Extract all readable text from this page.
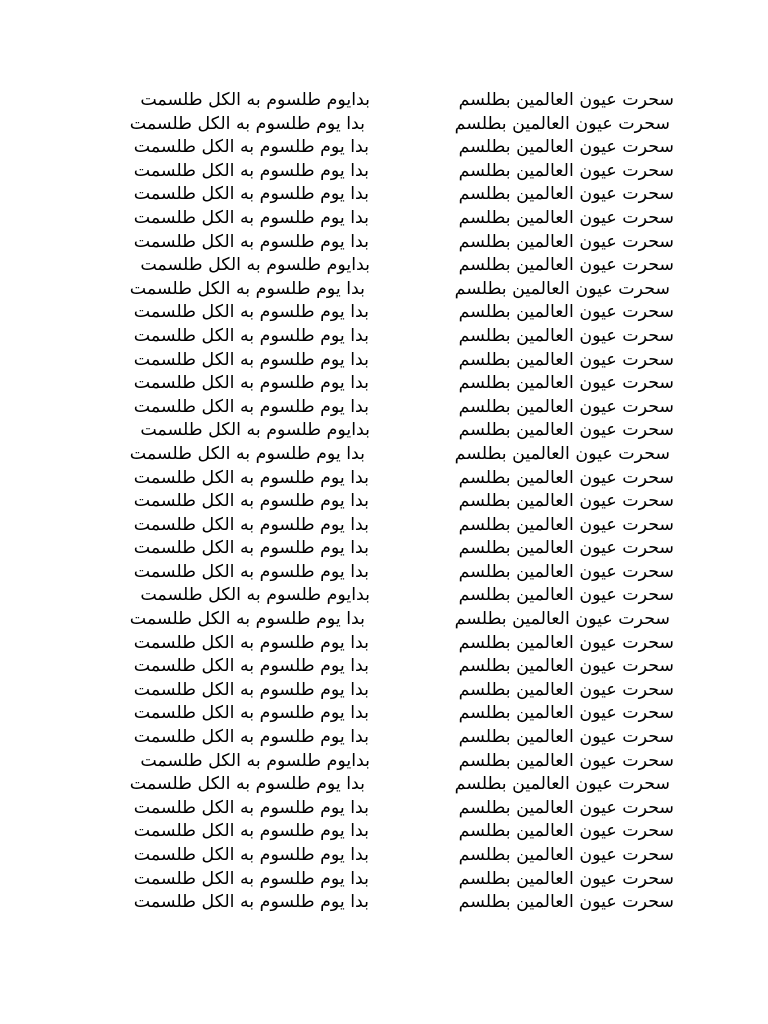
بدايوم طلسوم به الكل طلسمت	سحرت عيون العالمين بطلسم
بدا يوم طلسوم به الكل طلسمت	سحرت عيون العالمين بطلسم
بدا يوم طلسوم به الكل طلسمت	سحرت عيون العالمين بطلسم
بدا يوم طلسوم به الكل طلسمت	سحرت عيون العالمين بطلسم
بدا يوم طلسوم به الكل طلسمت	سحرت عيون العالمين بطلسم
بدا يوم طلسوم به الكل طلسمت	سحرت عيون العالمين بطلسم
بدا يوم طلسوم به الكل طلسمت	سحرت عيون العالمين بطلسم
بدايوم طلسوم به الكل طلسمت	سحرت عيون العالمين بطلسم
بدا يوم طلسوم به الكل طلسمت	سحرت عيون العالمين بطلسم
بدا يوم طلسوم به الكل طلسمت	سحرت عيون العالمين بطلسم
بدا يوم طلسوم به الكل طلسمت	سحرت عيون العالمين بطلسم
بدا يوم طلسوم به الكل طلسمت	سحرت عيون العالمين بطلسم
بدا يوم طلسوم به الكل طلسمت	سحرت عيون العالمين بطلسم
بدا يوم طلسوم به الكل طلسمت	سحرت عيون العالمين بطلسم
بدايوم طلسوم به الكل طلسمت	سحرت عيون العالمين بطلسم
بدا يوم طلسوم به الكل طلسمت	سحرت عيون العالمين بطلسم
بدا يوم طلسوم به الكل طلسمت	سحرت عيون العالمين بطلسم
بدا يوم طلسوم به الكل طلسمت	سحرت عيون العالمين بطلسم
بدا يوم طلسوم به الكل طلسمت	سحرت عيون العالمين بطلسم
بدا يوم طلسوم به الكل طلسمت	سحرت عيون العالمين بطلسم
بدا يوم طلسوم به الكل طلسمت	سحرت عيون العالمين بطلسم
بدايوم طلسوم به الكل طلسمت	سحرت عيون العالمين بطلسم
بدا يوم طلسوم به الكل طلسمت	سحرت عيون العالمين بطلسم
بدا يوم طلسوم به الكل طلسمت	سحرت عيون العالمين بطلسم
بدا يوم طلسوم به الكل طلسمت	سحرت عيون العالمين بطلسم
بدا يوم طلسوم به الكل طلسمت	سحرت عيون العالمين بطلسم
بدا يوم طلسوم به الكل طلسمت	سحرت عيون العالمين بطلسم
بدا يوم طلسوم به الكل طلسمت	سحرت عيون العالمين بطلسم
بدايوم طلسوم به الكل طلسمت	سحرت عيون العالمين بطلسم
بدا يوم طلسوم به الكل طلسمت	سحرت عيون العالمين بطلسم
بدا يوم طلسوم به الكل طلسمت	سحرت عيون العالمين بطلسم
بدا يوم طلسوم به الكل طلسمت	سحرت عيون العالمين بطلسم
بدا يوم طلسوم به الكل طلسمت	سحرت عيون العالمين بطلسم
بدا يوم طلسوم به الكل طلسمت	سحرت عيون العالمين بطلسم
بدا يوم طلسوم به الكل طلسمت	سحرت عيون العالمين بطلسم
